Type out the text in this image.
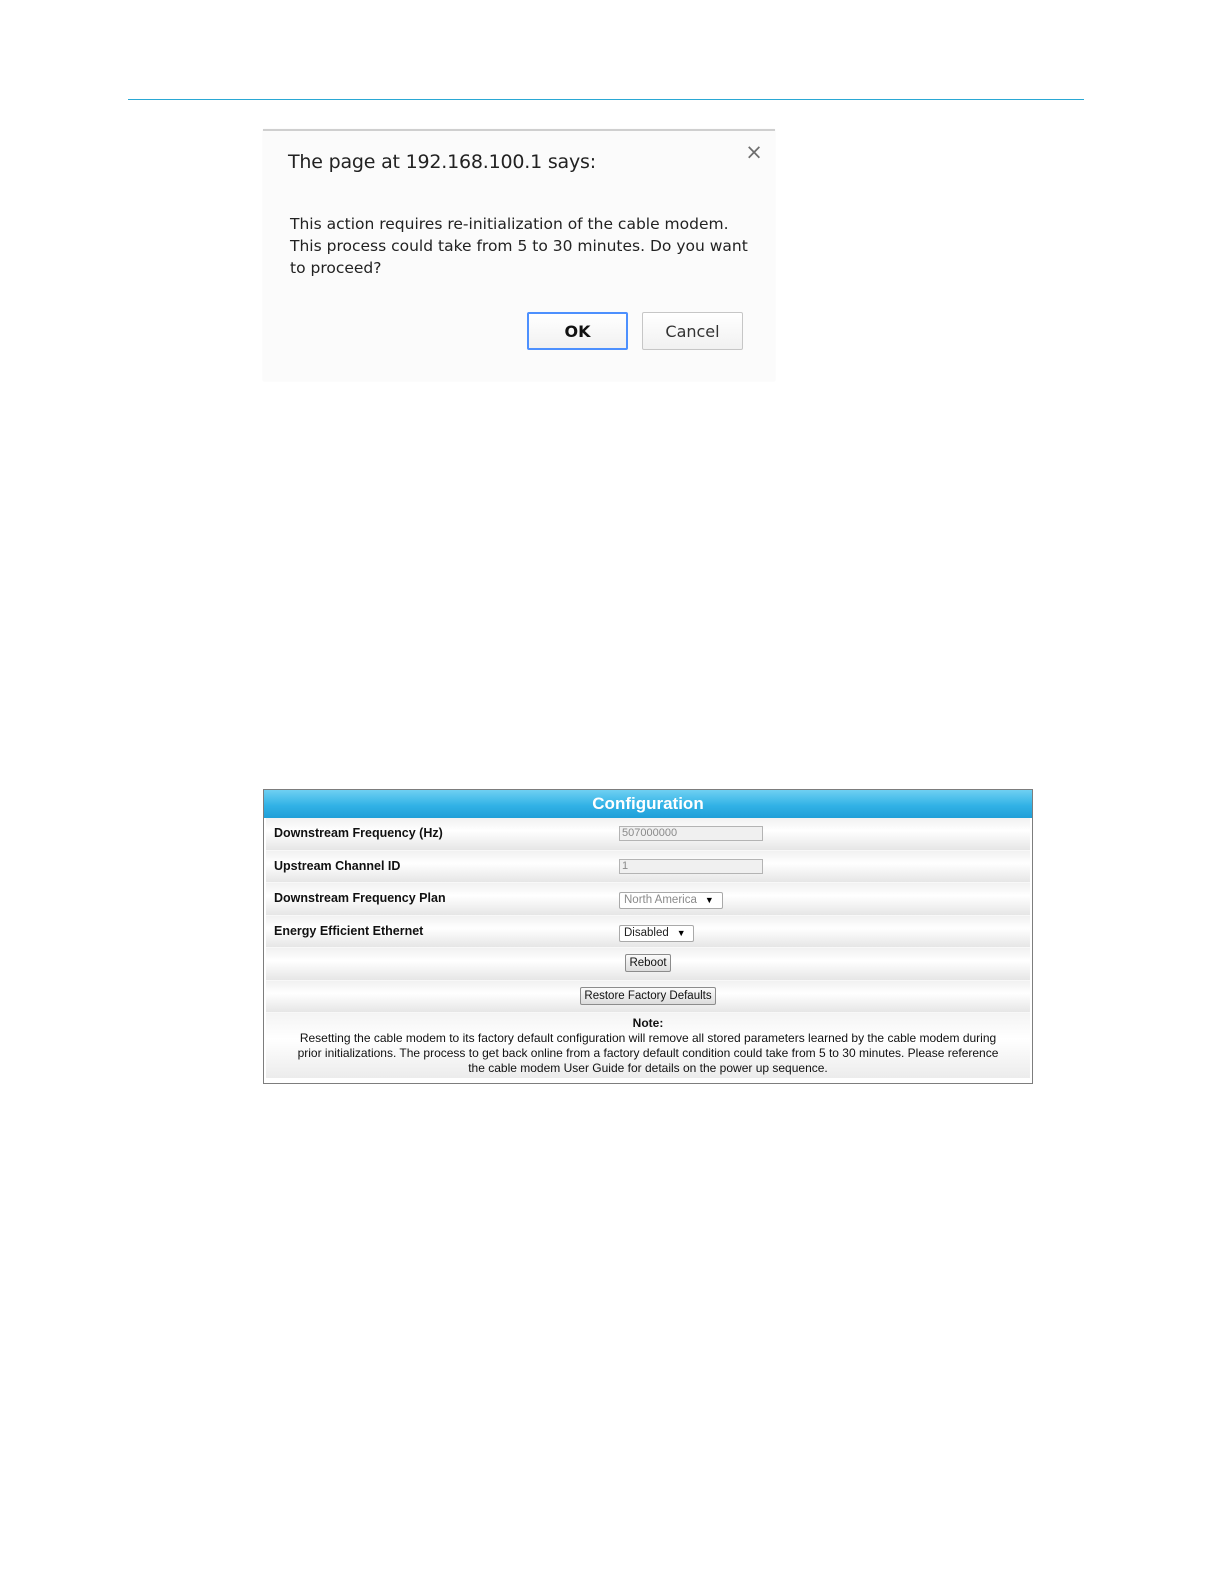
The page at 192.168.100.1 says:	×
This action requires re-initialization of the cable modem.
This process could take from 5 to 30 minutes. Do you want
to proceed?
OK	Cancel
Configuration
Downstream Frequency (Hz)	507000000
Upstream Channel ID	1
Downstream Frequency Plan	North America ▼
Energy Efficient Ethernet	Disabled ▼
Reboot
Restore Factory Defaults
Note:
Resetting the cable modem to its factory default configuration will remove all stored parameters learned by the cable modem during
prior initializations. The process to get back online from a factory default condition could take from 5 to 30 minutes. Please reference
the cable modem User Guide for details on the power up sequence.
